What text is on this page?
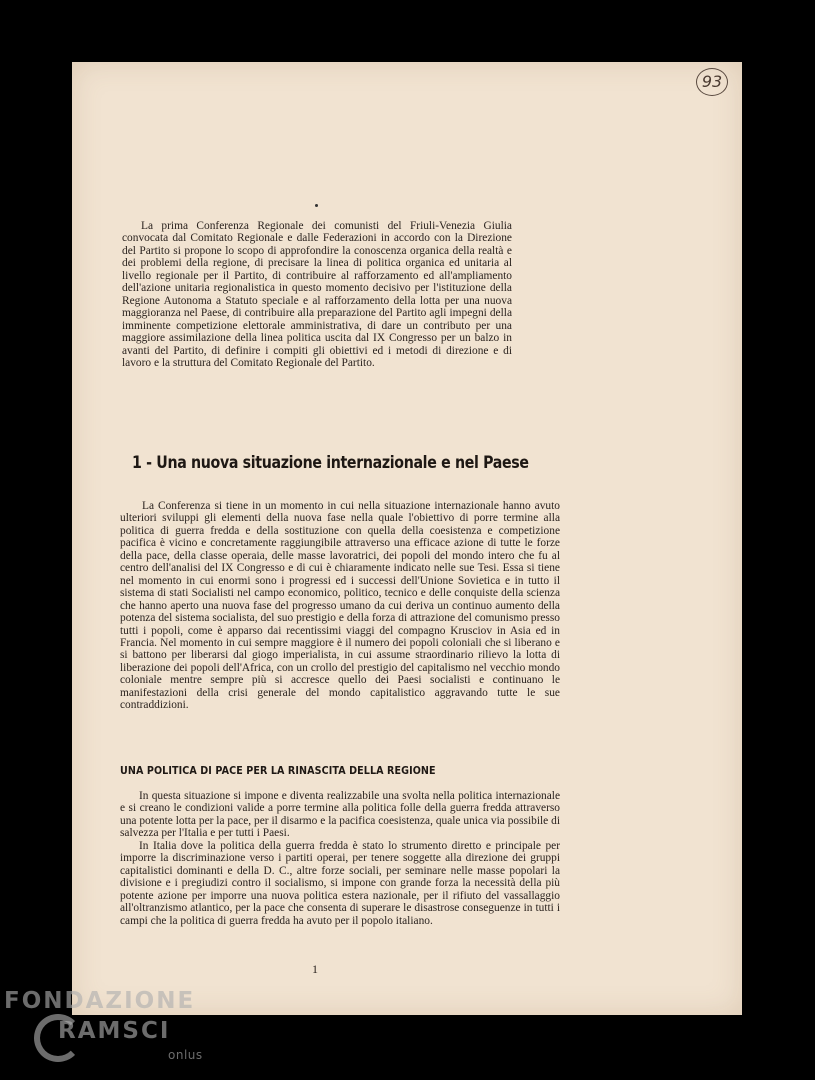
93

La prima Conferenza Regionale dei comunisti del Friuli-Venezia Giulia convocata dal Comitato Regionale e dalle Federazioni in accordo con la Direzione del Partito si propone lo scopo di approfondire la conoscenza organica della realtà e dei problemi della regione, di precisare la linea di politica organica ed unitaria al livello regionale per il Partito, di contribuire al rafforzamento ed all'ampliamento dell'azione unitaria regionalistica in questo momento decisivo per l'istituzione della Regione Autonoma a Statuto speciale e al rafforzamento della lotta per una nuova maggioranza nel Paese, di contribuire alla preparazione del Partito agli impegni della imminente competizione elettorale amministrativa, di dare un contributo per una maggiore assimilazione della linea politica uscita dal IX Congresso per un balzo in avanti del Partito, di definire i compiti gli obiettivi ed i metodi di direzione e di lavoro e la struttura del Comitato Regionale del Partito.

1 - Una nuova situazione internazionale e nel Paese

La Conferenza si tiene in un momento in cui nella situazione internazionale hanno avuto ulteriori sviluppi gli elementi della nuova fase nella quale l'obiettivo di porre termine alla politica di guerra fredda e della sostituzione con quella della coesistenza e competizione pacifica è vicino e concretamente raggiungibile attraverso una efficace azione di tutte le forze della pace, della classe operaia, delle masse lavoratrici, dei popoli del mondo intero che fu al centro dell'analisi del IX Congresso e di cui è chiaramente indicato nelle sue Tesi. Essa si tiene nel momento in cui enormi sono i progressi ed i successi dell'Unione Sovietica e in tutto il sistema di stati Socialisti nel campo economico, politico, tecnico e delle conquiste della scienza che hanno aperto una nuova fase del progresso umano da cui deriva un continuo aumento della potenza del sistema socialista, del suo prestigio e della forza di attrazione del comunismo presso tutti i popoli, come è apparso dai recentissimi viaggi del compagno Krusciov in Asia ed in Francia. Nel momento in cui sempre maggiore è il numero dei popoli coloniali che si liberano e si battono per liberarsi dal giogo imperialista, in cui assume straordinario rilievo la lotta di liberazione dei popoli dell'Africa, con un crollo del prestigio del capitalismo nel vecchio mondo coloniale mentre sempre più si accresce quello dei Paesi socialisti e continuano le manifestazioni della crisi generale del mondo capitalistico aggravando tutte le sue contraddizioni.

UNA POLITICA DI PACE PER LA RINASCITA DELLA REGIONE

In questa situazione si impone e diventa realizzabile una svolta nella politica internazionale e si creano le condizioni valide a porre termine alla politica folle della guerra fredda attraverso una potente lotta per la pace, per il disarmo e la pacifica coesistenza, quale unica via possibile di salvezza per l'Italia e per tutti i Paesi.

In Italia dove la politica della guerra fredda è stato lo strumento diretto e principale per imporre la discriminazione verso i partiti operai, per tenere soggette alla direzione dei gruppi capitalistici dominanti e della D. C., altre forze sociali, per seminare nelle masse popolari la divisione e i pregiudizi contro il socialismo, si impone con grande forza la necessità della più potente azione per imporre una nuova politica estera nazionale, per il rifiuto del vassallaggio all'oltranzismo atlantico, per la pace che consenta di superare le disastrose conseguenze in tutti i campi che la politica di guerra fredda ha avuto per il popolo italiano.

1
FONDAZIONE
RAMSCI
onlus
